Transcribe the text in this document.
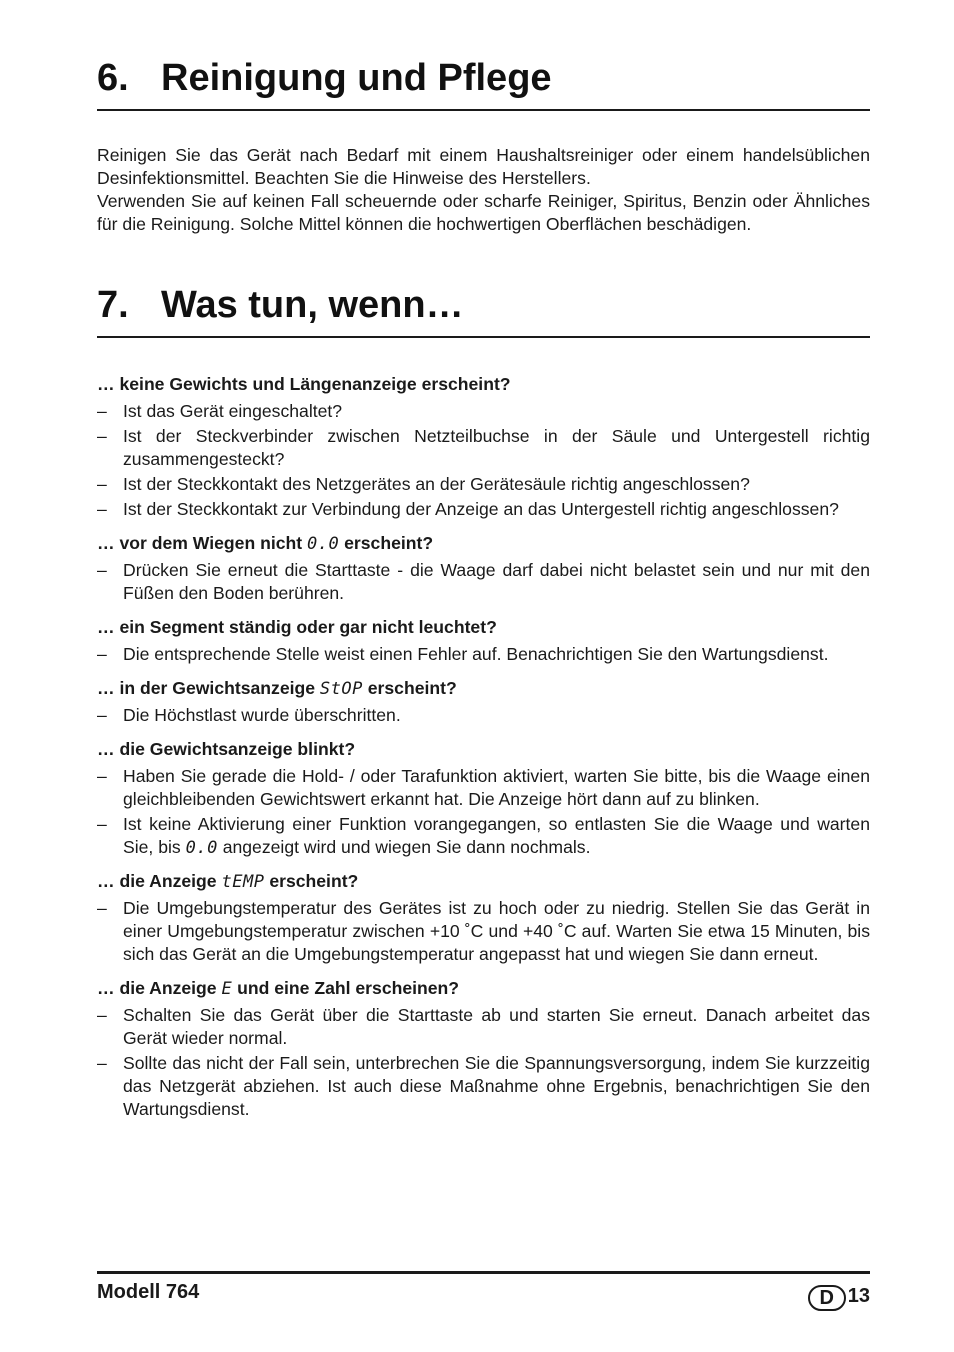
6. Reinigung und Pflege

Reinigen Sie das Gerät nach Bedarf mit einem Haushaltsreiniger oder einem handelsüblichen Desinfektionsmittel. Beachten Sie die Hinweise des Herstellers.

Verwenden Sie auf keinen Fall scheuernde oder scharfe Reiniger, Spiritus, Benzin oder Ähnliches für die Reinigung. Solche Mittel können die hochwertigen Oberflächen beschädigen.

7. Was tun, wenn…

… keine Gewichts und Längenanzeige erscheint?

– Ist das Gerät eingeschaltet?
– Ist der Steckverbinder zwischen Netzteilbuchse in der Säule und Untergestell richtig zusammengesteckt?
– Ist der Steckkontakt des Netzgerätes an der Gerätesäule richtig angeschlossen?
– Ist der Steckkontakt zur Verbindung der Anzeige an das Untergestell richtig angeschlossen?

… vor dem Wiegen nicht 0.0 erscheint?

– Drücken Sie erneut die Starttaste - die Waage darf dabei nicht belastet sein und nur mit den Füßen den Boden berühren.

… ein Segment ständig oder gar nicht leuchtet?

– Die entsprechende Stelle weist einen Fehler auf. Benachrichtigen Sie den Wartungsdienst.

… in der Gewichtsanzeige StOP erscheint?

– Die Höchstlast wurde überschritten.

… die Gewichtsanzeige blinkt?

– Haben Sie gerade die Hold- / oder Tarafunktion aktiviert, warten Sie bitte, bis die Waage einen gleichbleibenden Gewichtswert erkannt hat. Die Anzeige hört dann auf zu blinken.
– Ist keine Aktivierung einer Funktion vorangegangen, so entlasten Sie die Waage und warten Sie, bis 0.0 angezeigt wird und wiegen Sie dann nochmals.

… die Anzeige tEMP erscheint?

– Die Umgebungstemperatur des Gerätes ist zu hoch oder zu niedrig. Stellen Sie das Gerät in einer Umgebungstemperatur zwischen +10 ˚C und +40 ˚C auf. Warten Sie etwa 15 Minuten, bis sich das Gerät an die Umgebungstemperatur angepasst hat und wiegen Sie dann erneut.

… die Anzeige E und eine Zahl erscheinen?

– Schalten Sie das Gerät über die Starttaste ab und starten Sie erneut. Danach arbeitet das Gerät wieder normal.
– Sollte das nicht der Fall sein, unterbrechen Sie die Spannungsversorgung, indem Sie kurzzeitig das Netzgerät abziehen. Ist auch diese Maßnahme ohne Ergebnis, benachrichtigen Sie den Wartungsdienst.
Modell 764	D 13
